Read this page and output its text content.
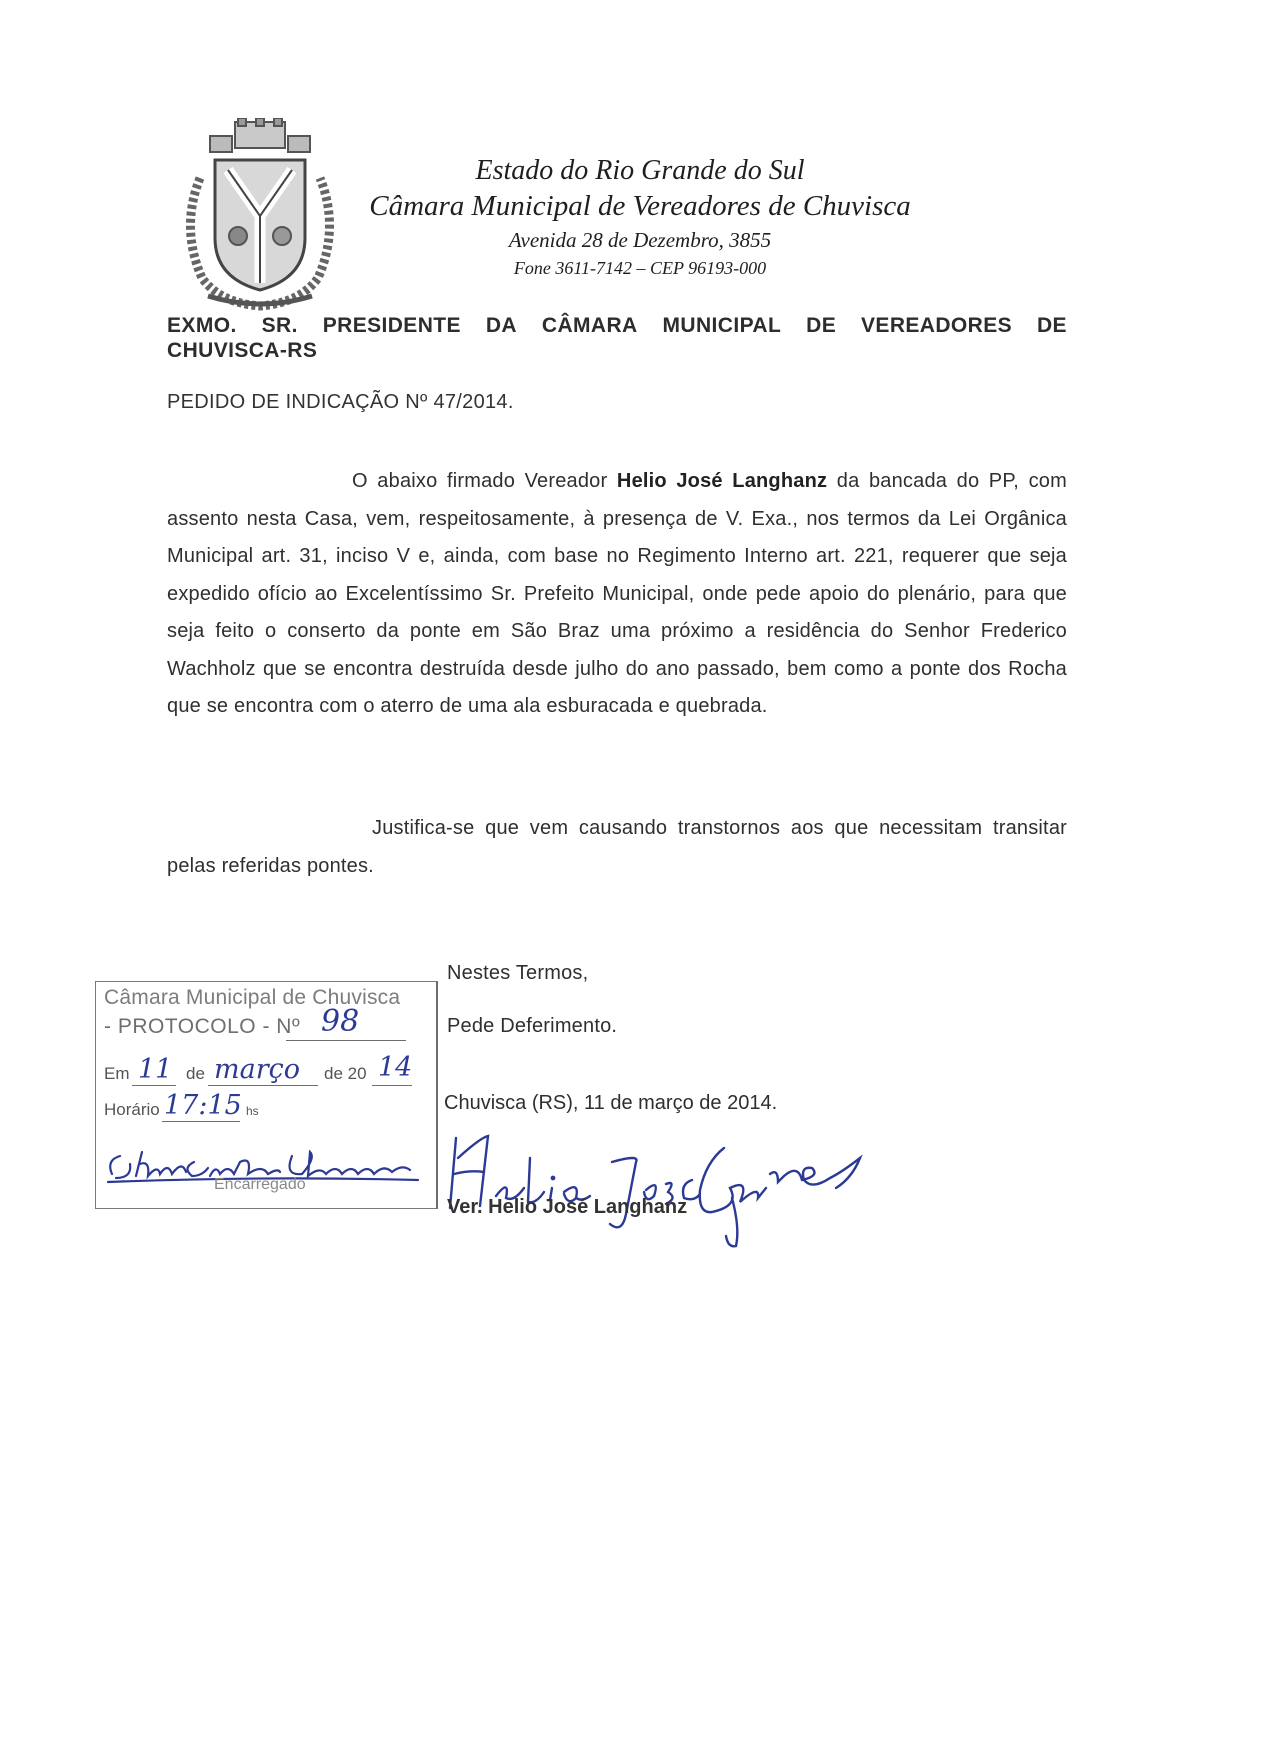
Estado do Rio Grande do Sul
Câmara Municipal de Vereadores de Chuvisca
Avenida 28 de Dezembro, 3855
Fone 3611-7142 – CEP 96193-000
EXMO. SR. PRESIDENTE DA CÂMARA MUNICIPAL DE VEREADORES DE
CHUVISCA-RS
PEDIDO DE INDICAÇÃO Nº 47/2014.
O abaixo firmado Vereador Helio José Langhanz da bancada do PP, com assento nesta Casa, vem, respeitosamente, à presença de V. Exa., nos termos da Lei Orgânica Municipal art. 31, inciso V e, ainda, com base no Regimento Interno art. 221, requerer que seja expedido ofício ao Excelentíssimo Sr. Prefeito Municipal, onde pede apoio do plenário, para que seja feito o conserto da ponte em São Braz uma próximo a residência do Senhor Frederico Wachholz que se encontra destruída desde julho do ano passado, bem como a ponte dos Rocha que se encontra com o aterro de uma ala esburacada e quebrada.
Justifica-se que vem causando transtornos aos que necessitam transitar pelas referidas pontes.
Nestes Termos,
Pede Deferimento.
Chuvisca (RS), 11 de março de 2014.
Ver. Helio José Langhanz
Câmara Municipal de Chuvisca
- PROTOCOLO - Nº 98
Em 11 de março de 20 14
Horário 17:15 hs
Encarregado
